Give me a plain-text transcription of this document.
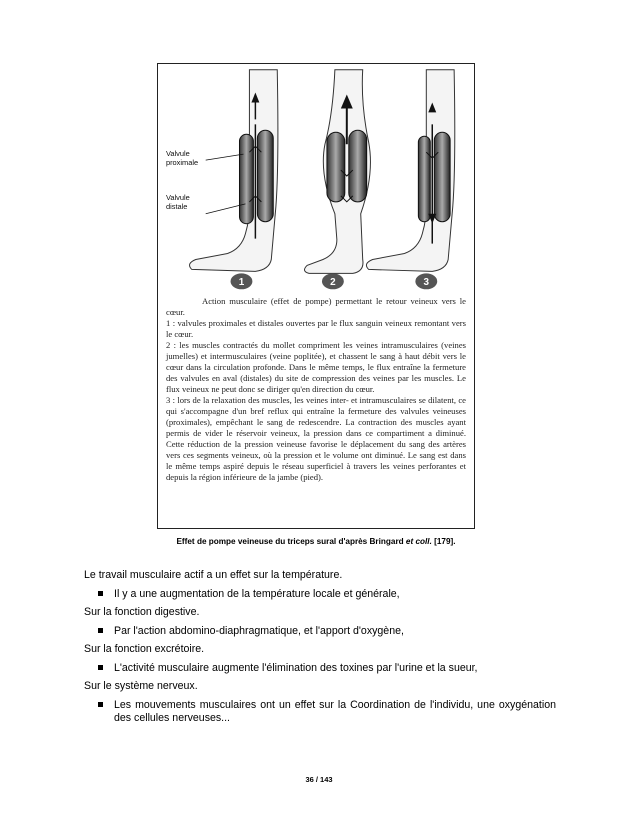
1	2	3
Valvule proximale
Valvule distale

Action musculaire (effet de pompe) permettant le retour veineux vers le cœur.

1 : valvules proximales et distales ouvertes par le flux sanguin veineux remontant vers le cœur.

2 : les muscles contractés du mollet compriment les veines intramusculaires (veines jumelles) et intermusculaires (veine poplitée), et chassent le sang à haut débit vers le cœur dans la circulation profonde. Dans le même temps, le flux entraîne la fermeture des valvules en aval (distales) du site de compression des veines par les muscles. Le flux veineux ne peut donc se diriger qu'en direction du cœur.

3 : lors de la relaxation des muscles, les veines inter- et intramusculaires se dilatent, ce qui s'accompagne d'un bref reflux qui entraîne la fermeture des valvules veineuses (proximales), empêchant le sang de redescendre. La contraction des muscles ayant permis de vider le réservoir veineux, la pression dans ce compartiment a diminué. Cette réduction de la pression veineuse favorise le déplacement du sang des artères vers ces segments veineux, où la pression et le volume ont diminué. Le sang est dans le même temps aspiré depuis le réseau superficiel à travers les veines perforantes et depuis la région inférieure de la jambe (pied).

Effet de pompe veineuse du triceps sural d'après Bringard et coll. [179].

Le travail musculaire actif a un effet sur la température.

Il y a une augmentation de la température locale et générale,

Sur la fonction digestive.

Par l'action abdomino-diaphragmatique, et l'apport d'oxygène,

Sur la fonction excrétoire.

L'activité musculaire augmente l'élimination des toxines par l'urine et la sueur,

Sur le système nerveux.

Les mouvements musculaires ont un effet sur la Coordination de l'individu, une oxygénation des cellules nerveuses...

36 / 143
